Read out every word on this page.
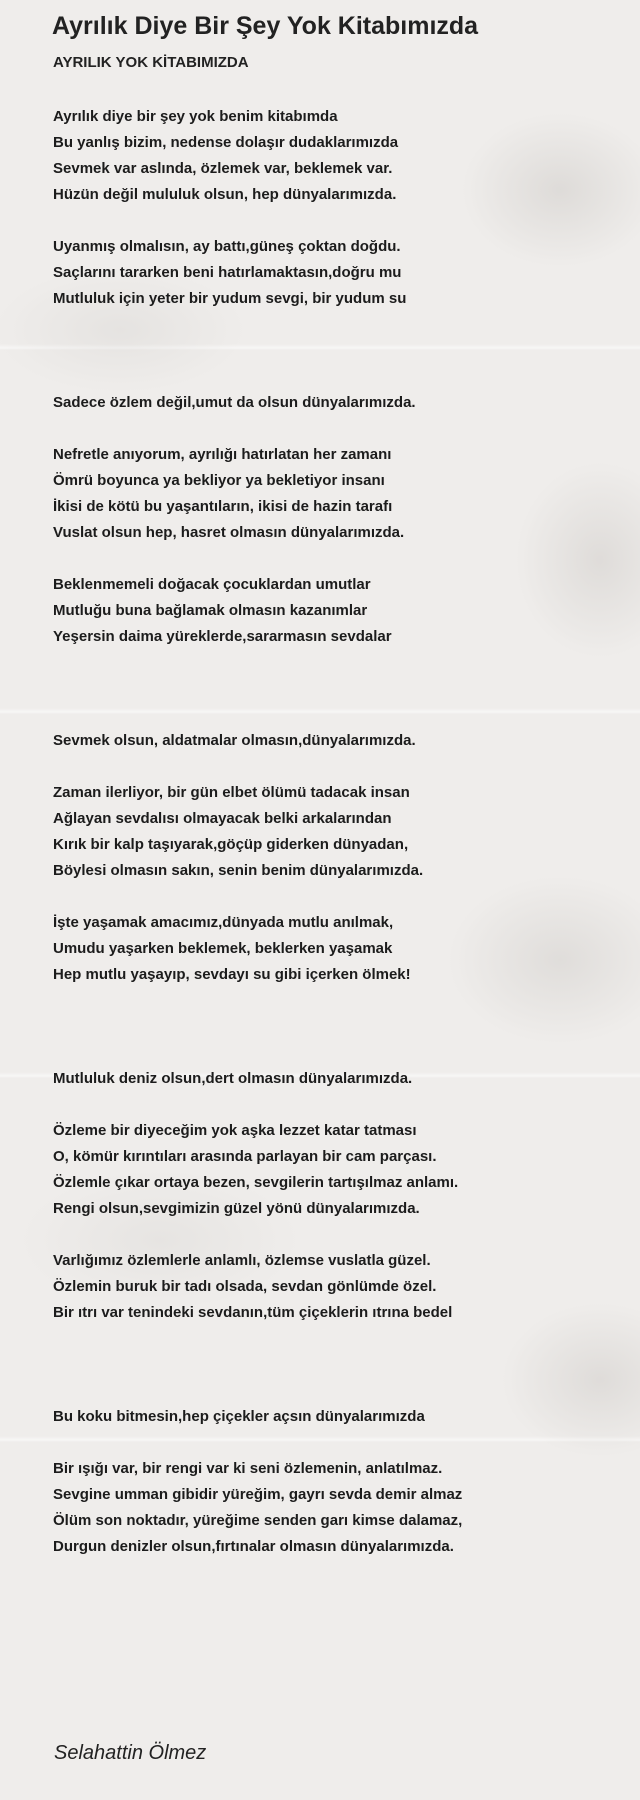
Ayrılık Diye Bir Şey Yok Kitabımızda
AYRILIK YOK KİTABIMIZDA

Ayrılık diye bir şey yok benim kitabımda
Bu yanlış bizim, nedense dolaşır dudaklarımızda
Sevmek var aslında, özlemek var, beklemek var.
Hüzün değil mululuk olsun, hep dünyalarımızda.

Uyanmış olmalısın, ay battı,güneş çoktan doğdu.
Saçlarını tararken beni hatırlamaktasın,doğru mu
Mutluluk için yeter bir yudum sevgi, bir yudum su

Sadece özlem değil,umut da olsun dünyalarımızda.

Nefretle anıyorum, ayrılığı hatırlatan her zamanı
Ömrü boyunca ya bekliyor ya bekletiyor insanı
İkisi de kötü bu yaşantıların, ikisi de hazin tarafı
Vuslat olsun hep, hasret olmasın dünyalarımızda.

Beklenmemeli doğacak çocuklardan umutlar
Mutluğu buna bağlamak olmasın kazanımlar
Yeşersin daima yüreklerde,sararmasın sevdalar

Sevmek olsun, aldatmalar olmasın,dünyalarımızda.

Zaman ilerliyor, bir gün elbet ölümü tadacak insan
Ağlayan sevdalısı olmayacak belki arkalarından
Kırık bir kalp taşıyarak,göçüp giderken dünyadan,
Böylesi olmasın sakın, senin benim dünyalarımızda.

İşte yaşamak amacımız,dünyada mutlu anılmak,
Umudu yaşarken beklemek, beklerken yaşamak
Hep mutlu yaşayıp, sevdayı su gibi içerken ölmek!

Mutluluk deniz olsun,dert olmasın dünyalarımızda.

Özleme bir diyeceğim yok aşka lezzet katar tatması
O, kömür kırıntıları arasında parlayan bir cam parçası.
Özlemle çıkar ortaya bezen, sevgilerin tartışılmaz anlamı.
Rengi olsun,sevgimizin güzel yönü dünyalarımızda.

Varlığımız özlemlerle anlamlı, özlemse vuslatla güzel.
Özlemin buruk bir tadı olsada, sevdan gönlümde özel.
Bir ıtrı var tenindeki sevdanın,tüm çiçeklerin ıtrına bedel

Bu koku bitmesin,hep çiçekler açsın dünyalarımızda

Bir ışığı var, bir rengi var ki seni özlemenin, anlatılmaz.
Sevgine umman gibidir yüreğim, gayrı sevda demir almaz
Ölüm son noktadır, yüreğime senden garı kimse dalamaz,
Durgun denizler olsun,fırtınalar olmasın dünyalarımızda.

Selahattin Ölmez
